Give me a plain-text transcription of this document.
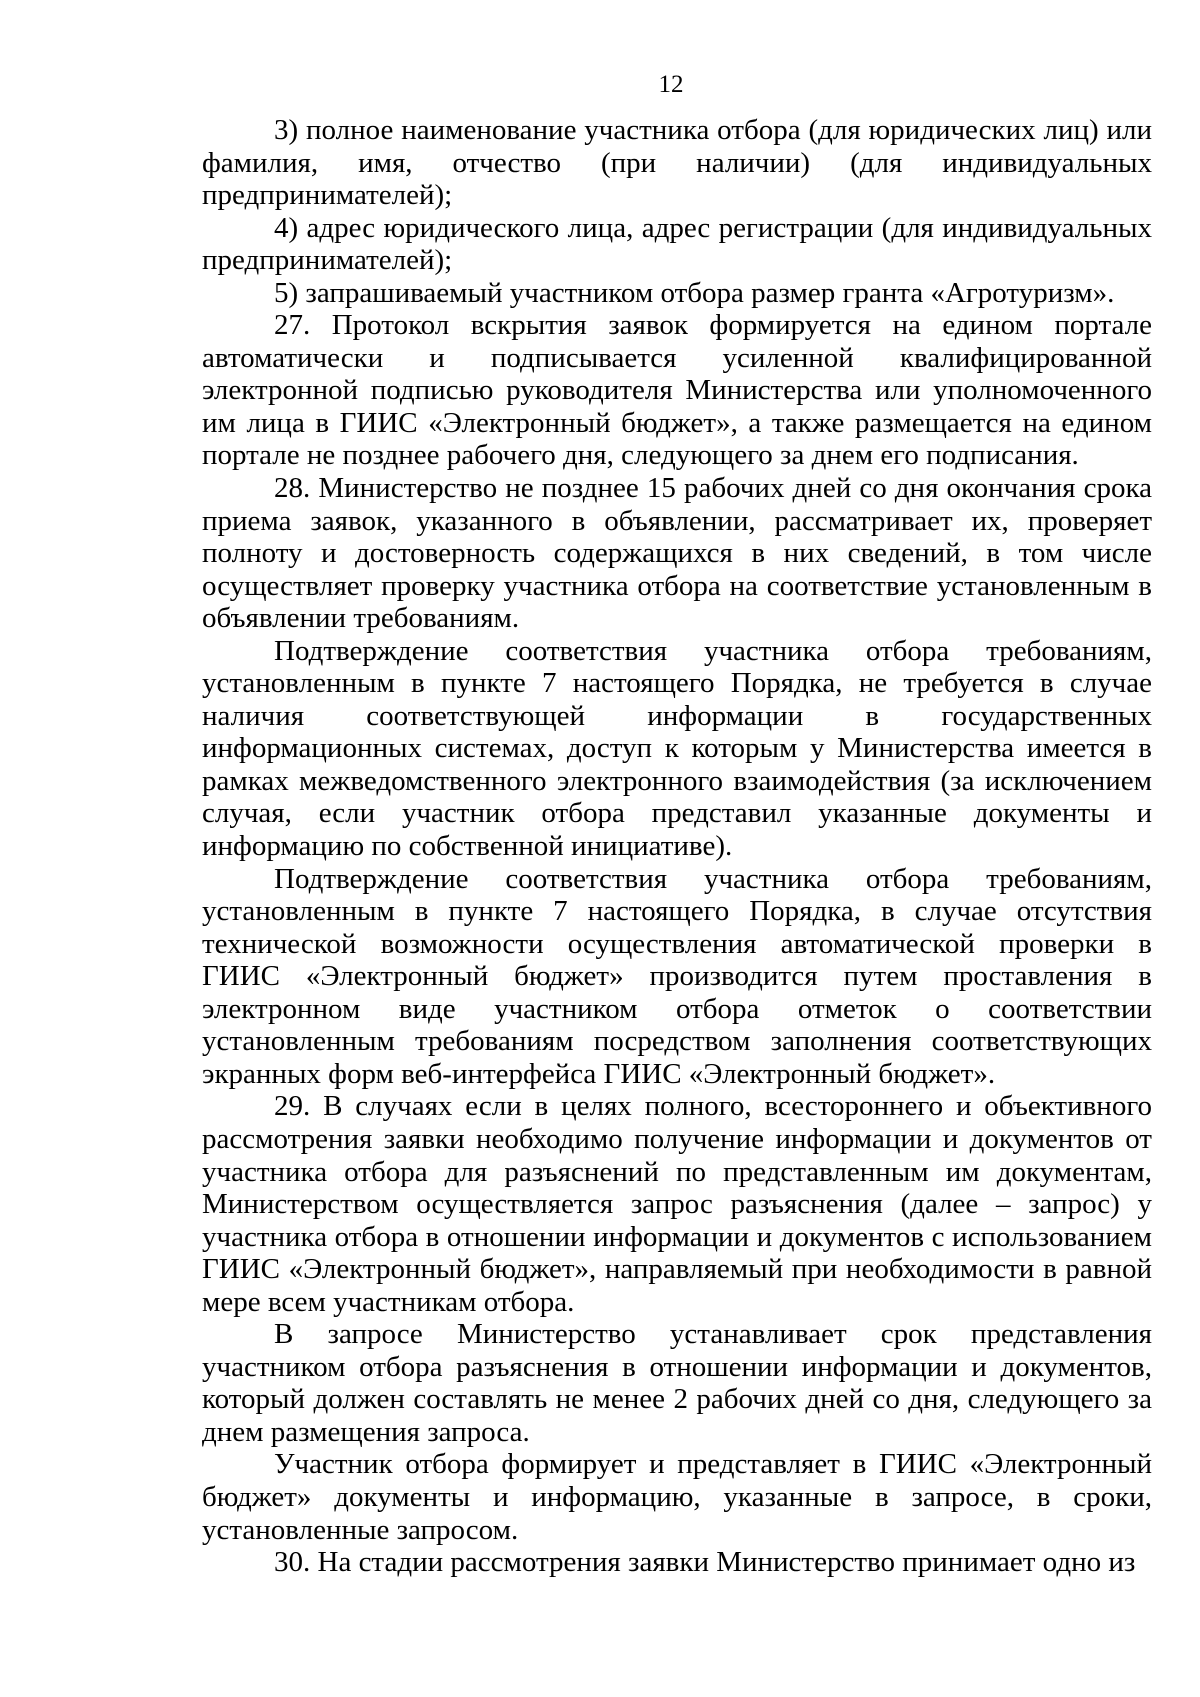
12

3) полное наименование участника отбора (для юридических лиц) или фамилия, имя, отчество (при наличии) (для индивидуальных предпринимателей);

4) адрес юридического лица, адрес регистрации (для индивидуальных предпринимателей);

5) запрашиваемый участником отбора размер гранта «Агротуризм».

27. Протокол вскрытия заявок формируется на едином портале автоматически и подписывается усиленной квалифицированной электронной подписью руководителя Министерства или уполномоченного им лица в ГИИС «Электронный бюджет», а также размещается на едином портале не позднее рабочего дня, следующего за днем его подписания.

28. Министерство не позднее 15 рабочих дней со дня окончания срока приема заявок, указанного в объявлении, рассматривает их, проверяет полноту и достоверность содержащихся в них сведений, в том числе осуществляет проверку участника отбора на соответствие установленным в объявлении требованиям.

Подтверждение соответствия участника отбора требованиям, установленным в пункте 7 настоящего Порядка, не требуется в случае наличия соответствующей информации в государственных информационных системах, доступ к которым у Министерства имеется в рамках межведомственного электронного взаимодействия (за исключением случая, если участник отбора представил указанные документы и информацию по собственной инициативе).

Подтверждение соответствия участника отбора требованиям, установленным в пункте 7 настоящего Порядка, в случае отсутствия технической возможности осуществления автоматической проверки в ГИИС «Электронный бюджет» производится путем проставления в электронном виде участником отбора отметок о соответствии установленным требованиям посредством заполнения соответствующих экранных форм веб-интерфейса ГИИС «Электронный бюджет».

29. В случаях если в целях полного, всестороннего и объективного рассмотрения заявки необходимо получение информации и документов от участника отбора для разъяснений по представленным им документам, Министерством осуществляется запрос разъяснения (далее – запрос) у участника отбора в отношении информации и документов с использованием ГИИС «Электронный бюджет», направляемый при необходимости в равной мере всем участникам отбора.

В запросе Министерство устанавливает срок представления участником отбора разъяснения в отношении информации и документов, который должен составлять не менее 2 рабочих дней со дня, следующего за днем размещения запроса.

Участник отбора формирует и представляет в ГИИС «Электронный бюджет» документы и информацию, указанные в запросе, в сроки, установленные запросом.

30. На стадии рассмотрения заявки Министерство принимает одно из
